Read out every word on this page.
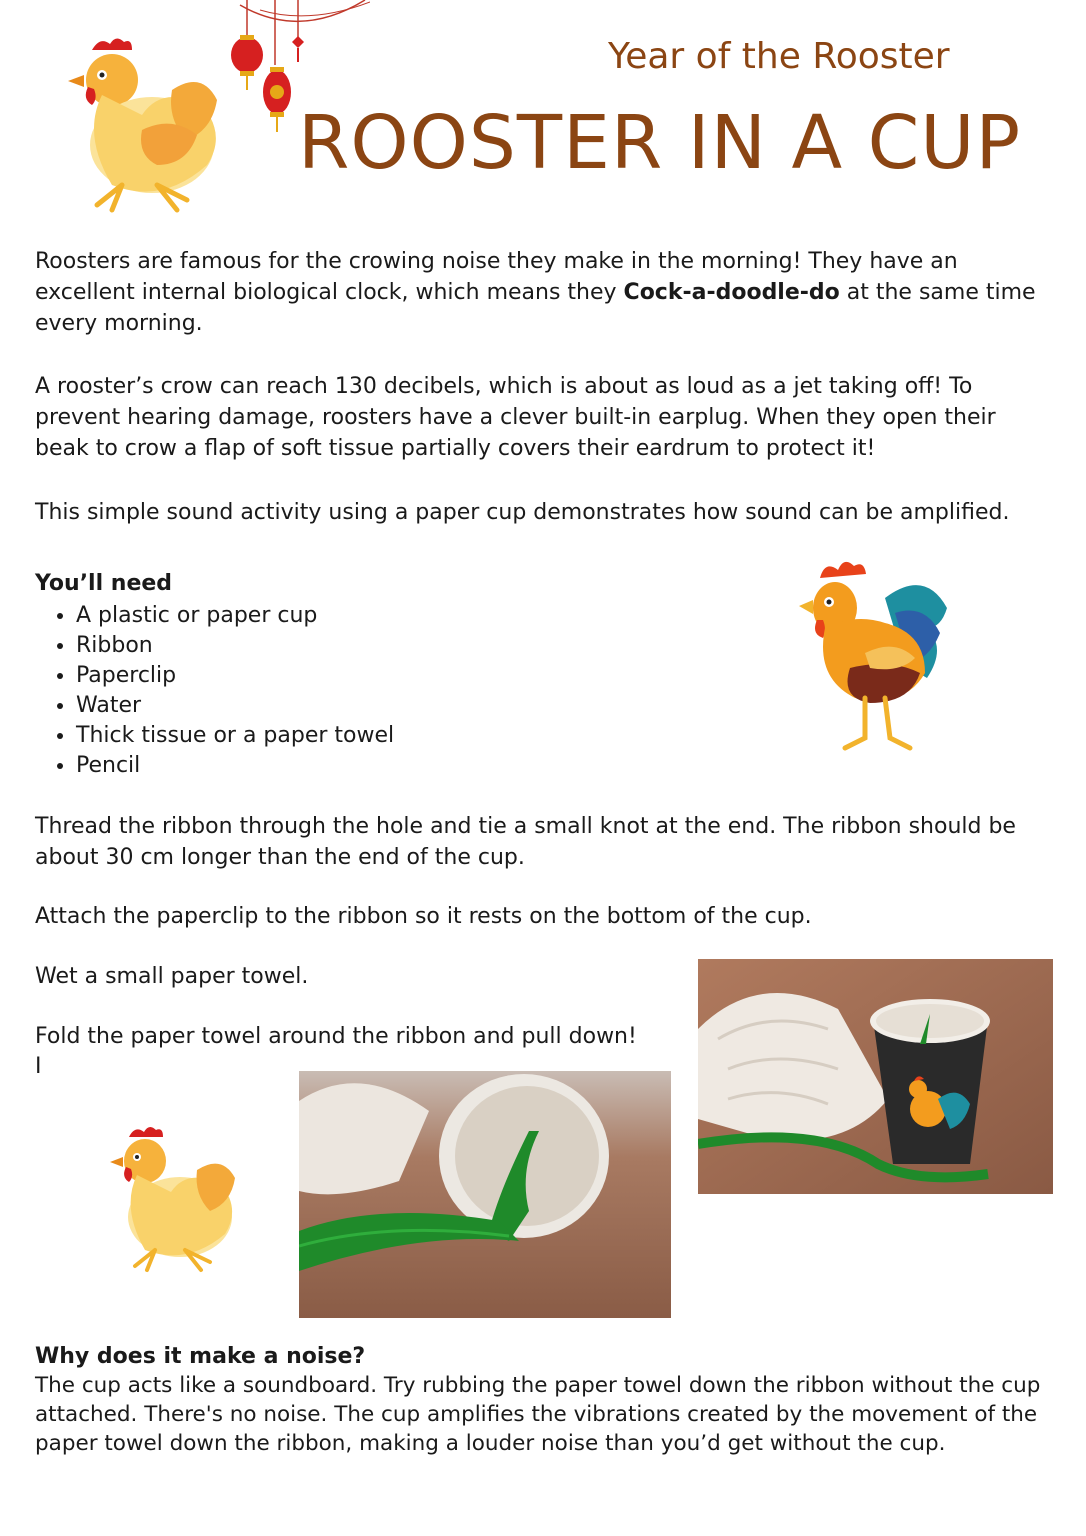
Year of the Rooster
ROOSTER IN A CUP

Roosters are famous for the crowing noise they make in the morning! They have an excellent internal biological clock, which means they Cock-a-doodle-do at the same time every morning.

A rooster’s crow can reach 130 decibels, which is about as loud as a jet taking off! To prevent hearing damage, roosters have a clever built-in earplug. When they open their beak to crow a flap of soft tissue partially covers their eardrum to protect it!

This simple sound activity using a paper cup demonstrates how sound can be amplified.

You’ll need

• A plastic or paper cup
• Ribbon
• Paperclip
• Water
• Thick tissue or a paper towel
• Pencil

Thread the ribbon through the hole and tie a small knot at the end. The ribbon should be about 30 cm longer than the end of the cup.

Attach the paperclip to the ribbon so it rests on the bottom of the cup.

Wet a small paper towel.

Fold the paper towel around the ribbon and pull down!

I

Why does it make a noise?

The cup acts like a soundboard. Try rubbing the paper towel down the ribbon without the cup attached. There's no noise. The cup amplifies the vibrations created by the movement of the paper towel down the ribbon, making a louder noise than you’d get without the cup.
